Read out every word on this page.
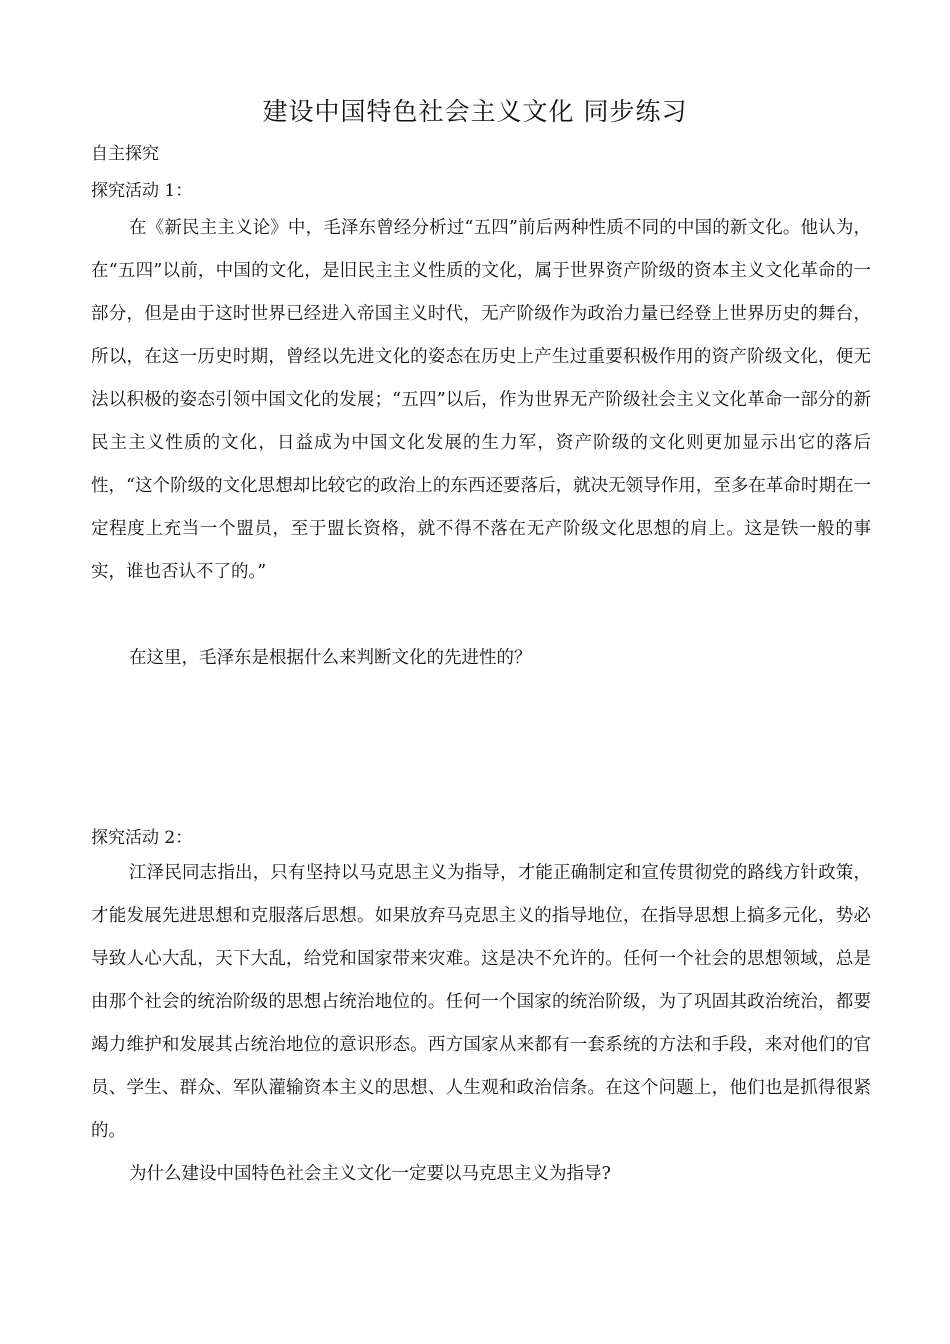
建设中国特色社会主义文化 同步练习
自主探究
探究活动 1：

在《新民主主义论》中，毛泽东曾经分析过“五四”前后两种性质不同的中国的新文化。他认为， 在“五四”以前，中国的文化，是旧民主主义性质的文化，属于世界资产阶级的资本主义文化革命的一部分，但是由于这时世界已经进入帝国主义时代，无产阶级作为政治力量已经登上世界历史的舞台，所以，在这一历史时期，曾经以先进文化的姿态在历史上产生过重要积极作用的资产阶级文化，便无法以积极的姿态引领中国文化的发展；“五四”以后，作为世界无产阶级社会主义文化革命一部分的新民主主义性质的文化，日益成为中国文化发展的生力军，资产阶级的文化则更加显示出它的落后性，“这个阶级的文化思想却比较它的政治上的东西还要落后，就决无领导作用，至多在革命时期在一定程度上充当一个盟员，至于盟长资格，就不得不落在无产阶级文化思想的肩上。这是铁一般的事实，谁也否认不了的。”

在这里，毛泽东是根据什么来判断文化的先进性的？

探究活动 2：

江泽民同志指出，只有坚持以马克思主义为指导，才能正确制定和宣传贯彻党的路线方针政策，才能发展先进思想和克服落后思想。如果放弃马克思主义的指导地位，在指导思想上搞多元化，势必导致人心大乱，天下大乱，给党和国家带来灾难。这是决不允许的。任何一个社会的思想领域，总是由那个社会的统治阶级的思想占统治地位的。任何一个国家的统治阶级，为了巩固其政治统治，都要竭力维护和发展其占统治地位的意识形态。西方国家从来都有一套系统的方法和手段，来对他们的官员、学生、群众、军队灌输资本主义的思想、人生观和政治信条。在这个问题上，他们也是抓得很紧的。

为什么建设中国特色社会主义文化一定要以马克思主义为指导?
